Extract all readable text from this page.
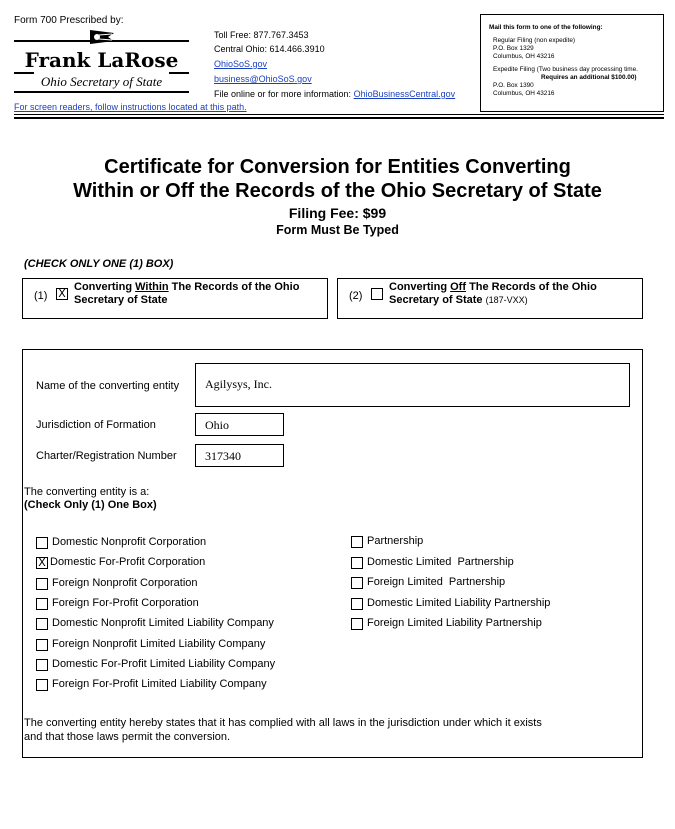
Form 700 Prescribed by:
Frank LaRose
Ohio Secretary of State
Toll Free: 877.767.3453
Central Ohio: 614.466.3910
OhioSoS.gov
business@OhioSoS.gov
File online or for more information: OhioBusinessCentral.gov
Mail this form to one of the following:
Regular Filing (non expedite)
P.O. Box 1329
Columbus, OH 43216
Expedite Filing (Two business day processing time.
Requires an additional $100.00)
P.O. Box 1390
Columbus, OH 43216
For screen readers, follow instructions located at this path.
Certificate for Conversion for Entities Converting
Within or Off the Records of the Ohio Secretary of State
Filing Fee: $99
Form Must Be Typed
(CHECK ONLY ONE (1) BOX)
(1) X Converting Within The Records of the Ohio
Secretary of State	(2)
Converting Off The Records of the Ohio
Secretary of State (187-VXX)
Name of the converting entity	Agilysys, Inc.
Jurisdiction of Formation	Ohio
Charter/Registration Number	317340
The converting entity is a:
(Check Only (1) One Box)
Domestic Nonprofit Corporation
X Domestic For-Profit Corporation
Foreign Nonprofit Corporation
Foreign For-Profit Corporation
Domestic Nonprofit Limited Liability Company
Foreign Nonprofit Limited Liability Company
Domestic For-Profit Limited Liability Company
Foreign For-Profit Limited Liability Company
Partnership
Domestic Limited  Partnership
Foreign Limited  Partnership
Domestic Limited Liability Partnership
Foreign Limited Liability Partnership
The converting entity hereby states that it has complied with all laws in the jurisdiction under which it exists
and that those laws permit the conversion.
